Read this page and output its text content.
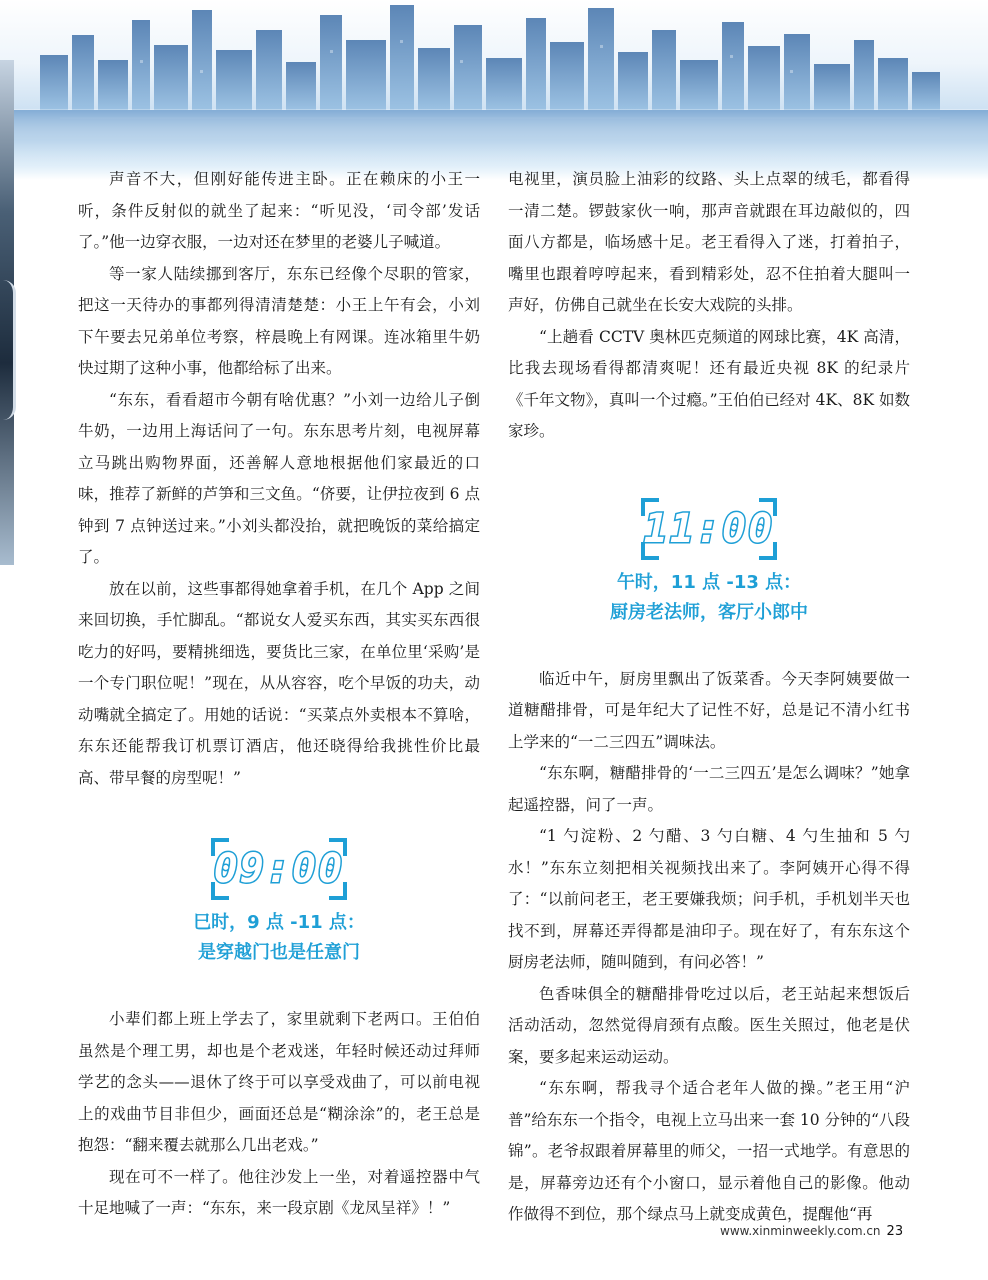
声音不大，但刚好能传进主卧。正在赖床的小王一听，条件反射似的就坐了起来：“听见没，‘司令部’发话了。”他一边穿衣服，一边对还在梦里的老婆儿子喊道。

等一家人陆续挪到客厅，东东已经像个尽职的管家，把这一天待办的事都列得清清楚楚：小王上午有会，小刘下午要去兄弟单位考察，梓晨晚上有网课。连冰箱里牛奶快过期了这种小事，他都给标了出来。

“东东，看看超市今朝有啥优惠？”小刘一边给儿子倒牛奶，一边用上海话问了一句。东东思考片刻，电视屏幕立马跳出购物界面，还善解人意地根据他们家最近的口味，推荐了新鲜的芦笋和三文鱼。“侪要，让伊拉夜到 6 点钟到 7 点钟送过来。”小刘头都没抬，就把晚饭的菜给搞定了。

放在以前，这些事都得她拿着手机，在几个 App 之间来回切换，手忙脚乱。“都说女人爱买东西，其实买东西很吃力的好吗，要精挑细选，要货比三家，在单位里‘采购’是一个专门职位呢！”现在，从从容容，吃个早饭的功夫，动动嘴就全搞定了。用她的话说：“买菜点外卖根本不算啥，东东还能帮我订机票订酒店，他还晓得给我挑性价比最高、带早餐的房型呢！”

09:00
巳时，9 点 -11 点：
是穿越门也是任意门

小辈们都上班上学去了，家里就剩下老两口。王伯伯虽然是个理工男，却也是个老戏迷，年轻时候还动过拜师学艺的念头——退休了终于可以享受戏曲了，可以前电视上的戏曲节目非但少，画面还总是“糊涂涂”的，老王总是抱怨：“翻来覆去就那么几出老戏。”

现在可不一样了。他往沙发上一坐，对着遥控器中气十足地喊了一声：“东东，来一段京剧《龙凤呈祥》！”

电视里，演员脸上油彩的纹路、头上点翠的绒毛，都看得一清二楚。锣鼓家伙一响，那声音就跟在耳边敲似的，四面八方都是，临场感十足。老王看得入了迷，打着拍子，嘴里也跟着哼哼起来，看到精彩处，忍不住拍着大腿叫一声好，仿佛自己就坐在长安大戏院的头排。

“上趟看 CCTV 奥林匹克频道的网球比赛，4K 高清，比我去现场看得都清爽呢！还有最近央视 8K 的纪录片《千年文物》，真叫一个过瘾。”王伯伯已经对 4K、8K 如数家珍。

11:00
午时，11 点 -13 点：
厨房老法师，客厅小郎中

临近中午，厨房里飘出了饭菜香。今天李阿姨要做一道糖醋排骨，可是年纪大了记性不好，总是记不清小红书上学来的“一二三四五”调味法。

“东东啊，糖醋排骨的‘一二三四五’是怎么调味？”她拿起遥控器，问了一声。

“1 勺淀粉、2 勺醋、3 勺白糖、4 勺生抽和 5 勺水！”东东立刻把相关视频找出来了。李阿姨开心得不得了：“以前问老王，老王要嫌我烦；问手机，手机划半天也找不到，屏幕还弄得都是油印子。现在好了，有东东这个厨房老法师，随叫随到，有问必答！”

色香味俱全的糖醋排骨吃过以后，老王站起来想饭后活动活动，忽然觉得肩颈有点酸。医生关照过，他老是伏案，要多起来运动运动。

“东东啊，帮我寻个适合老年人做的操。”老王用“沪普”给东东一个指令，电视上立马出来一套 10 分钟的“八段锦”。老爷叔跟着屏幕里的师父，一招一式地学。有意思的是，屏幕旁边还有个小窗口，显示着他自己的影像。他动作做得不到位，那个绿点马上就变成黄色，提醒他“再

www.xinminweekly.com.cn 23
